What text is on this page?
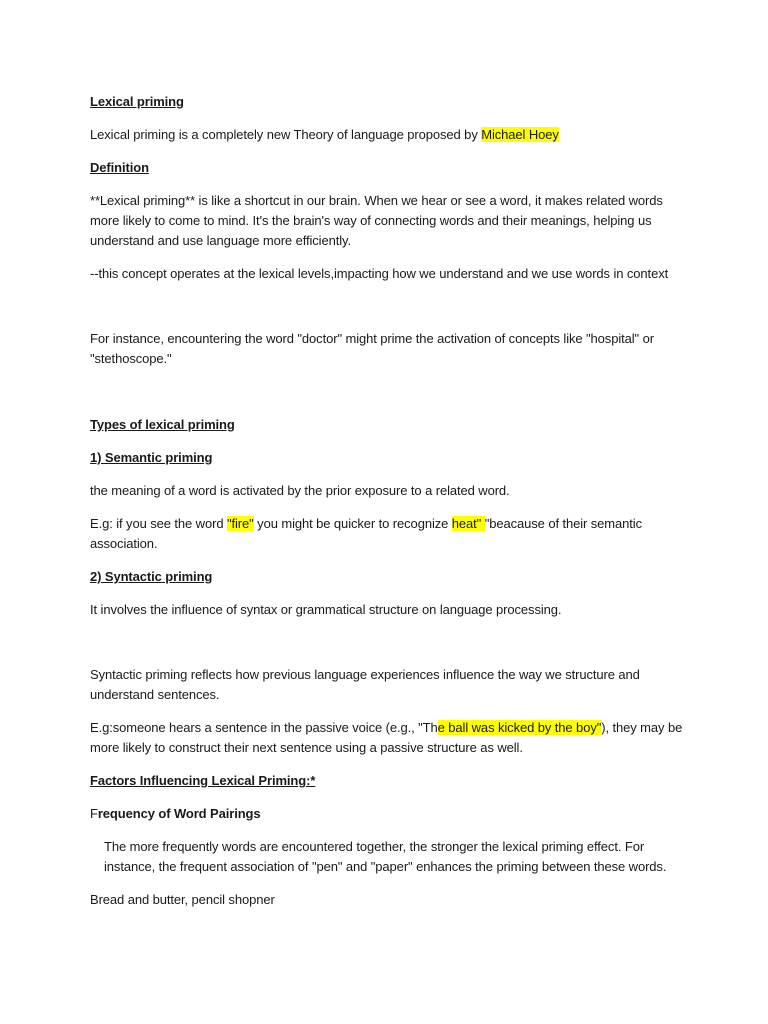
Lexical priming

Lexical priming is a completely new Theory of language proposed by Michael Hoey

Definition

**Lexical priming** is like a shortcut in our brain. When we hear or see a word, it makes related words more likely to come to mind. It's the brain's way of connecting words and their meanings, helping us understand and use language more efficiently.

--this concept operates at the lexical levels,impacting how we understand and we use words in context

For instance, encountering the word "doctor" might prime the activation of concepts like "hospital" or "stethoscope."

Types of lexical priming

1) Semantic priming

the meaning of a word is activated by the prior exposure to a related word.

E.g: if you see the word "fire" you might be quicker to recognize heat" "beacause of their semantic association.

2) Syntactic priming

It involves the influence of syntax or grammatical structure on language processing.

Syntactic priming reflects how previous language experiences influence the way we structure and understand sentences.

E.g:someone hears a sentence in the passive voice (e.g., "The ball was kicked by the boy"), they may be more likely to construct their next sentence using a passive structure as well.

Factors Influencing Lexical Priming:*

Frequency of Word Pairings

The more frequently words are encountered together, the stronger the lexical priming effect. For instance, the frequent association of "pen" and "paper" enhances the priming between these words.

Bread and butter, pencil shopner
